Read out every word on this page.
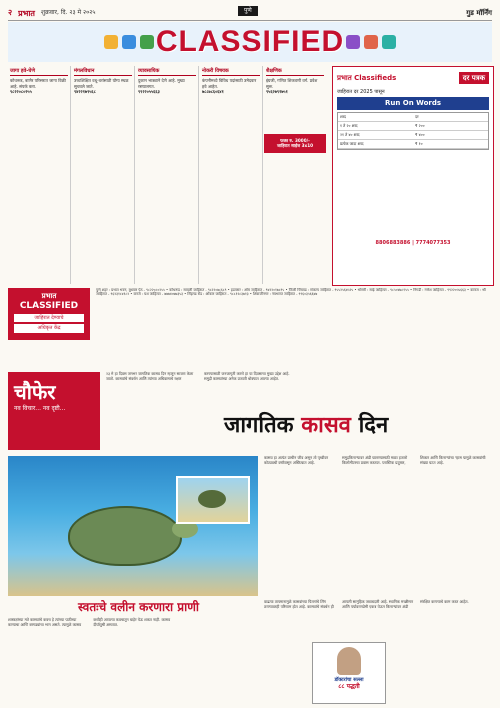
२ प्रभात शुक्रवार, दि. २३ मे २०२५	पुणे	गुड मॉर्निंग
CLASSIFIED
जागा हवे-घेणे
कोथरूड, बाणेर परिसरात जागा विक्री आहे. संपर्क करा.
९८२२०८०२५५
मंगलविधान
उच्चशिक्षित वधू-वरांसाठी योग्य स्थळ सुचवले जाते.
९४२२१७९५६८
व्यावसायिक
दुकान भाड्याने देणे आहे. मुख्य रस्त्यालगत.
९९२२०५५६६३
नोकरी विषयक
कंपनीमध्ये विविध पदांसाठी उमेदवार हवे आहेत.
७८८७८६०६४१
शैक्षणिक
इंग्रजी, गणित शिकवणी वर्ग. प्रवेश सुरू.
९५६२७९२७५१
फक्त रु. 3000/-
जाहिरात साईज 3x10
प्रभात Classifieds	दर पत्रक
जाहिरात दर 2025 पासून
Run On Words
शब्द	दर
१ ते २० शब्द	₹ २००
२१ ते ४० शब्द	₹ ४००
प्रत्येक जादा शब्द	₹ १०
8806883886 | 7774077353
प्रभात
CLASSIFIED
जाहिरात देण्याचे
अधिकृत केंद्र
पुणे शहर : प्रभात भवन, बुधवार पेठ - ९८२२०८०२५५ • कोथरूड : सायली जाहिरात - ९८२२०७८६८९ • हडपसर : ओम जाहिरात - ९४२२०१७८९५ • पिंपरी चिंचवड : संकल्प जाहिरात - ९५५२५६४५२५ • भोसरी : साई जाहिरात - ९८५०४७८१५५ • निगडी : गणेश जाहिरात - ९९२२०५५६६३ • कात्रज : श्री जाहिरात - ९६२३१८४१८२ • वारजे : यश जाहिरात - ७७७४०७७३५३ • सिंहगड रोड : ओंकार जाहिरात - ९८८१२८३७१३ • शिवाजीनगर : नवभारत जाहिरात - ९९६०३५६६४७
चौफेर
नव विचार... नव दृष्टी...
२३ मे हा दिवस जगभर जागतिक कासव दिन म्हणून साजरा केला जातो. कासवांचे संवर्धन आणि त्यांच्या अधिवासाचे रक्षण करण्यासाठी जनजागृती करणे हा या दिवसाचा मुख्य उद्देश आहे. समुद्री कासवांच्या अनेक प्रजाती धोक्यात आल्या आहेत.
जागतिक कासव दिन
कासव हा अत्यंत प्राचीन जीव असून तो पृथ्वीवर कोट्यवधी वर्षांपासून अस्तित्वात आहे. समुद्रकिनाऱ्यावर अंडी घालण्यासाठी माद्या हजारो किलोमीटरचा प्रवास करतात. प्लास्टिक प्रदूषण, शिकार आणि किनाऱ्यांचा ऱ्हास यामुळे कासवांची संख्या घटत आहे.
स्वतःचे वलीन करणारा प्राणी
शास्त्रज्ञांच्या मते कासवांचे कवच हे त्यांच्या पाठीच्या कण्याचा आणि बरगड्यांचा भाग असते. त्यामुळे कासव कधीही आपल्या कवचातून बाहेर येऊ शकत नाही. कासव दीर्घायुषी असतात.
वाढत्या तापमानामुळे कासवांच्या पिल्लांचे लिंग ठरण्यावरही परिणाम होत आहे. कासवांचे संवर्धन ही आपली सामूहिक जबाबदारी आहे. स्थानिक मच्छीमार आणि पर्यावरणप्रेमी एकत्र येऊन किनाऱ्यांवर अंडी संरक्षित करण्याचे काम करत आहेत.
डॉक्टरांचा सल्ला
८८ पद्धती
